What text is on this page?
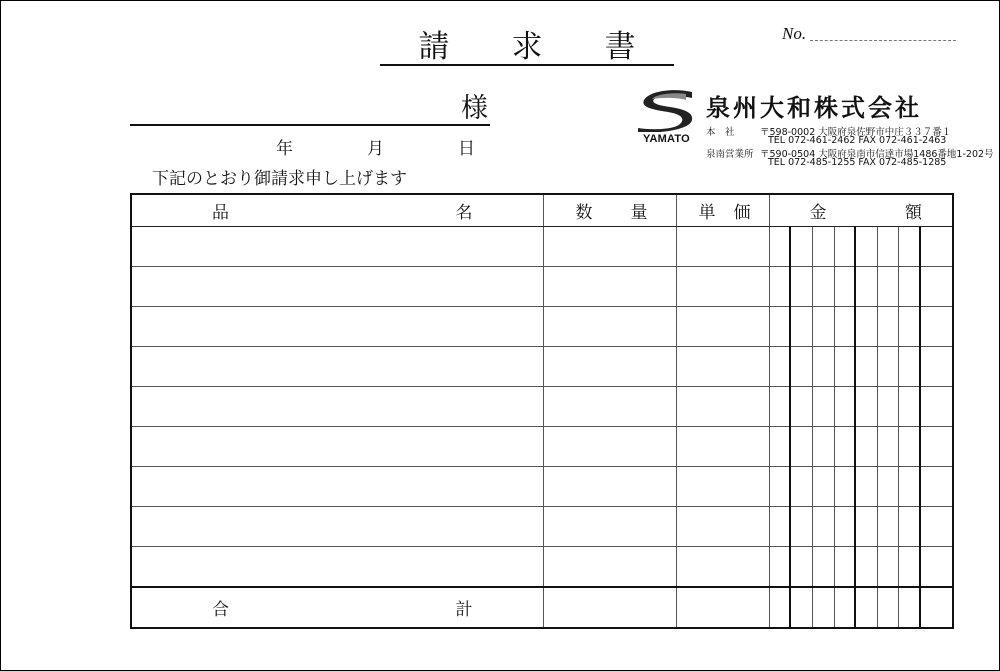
請 求 書	No.
様
年	月	日
下記のとおり御請求申し上げます
YAMATO
泉州大和株式会社
本　社	〒598-0002 大阪府泉佐野市中庄３３７番１
TEL 072-461-2462 FAX 072-461-2463
泉南営業所 〒590-0504 大阪府泉南市信達市場1486番地1-202号
TEL 072-485-1255 FAX 072-485-1285
品 名	数 量	単 価	金 額							

合 計										
